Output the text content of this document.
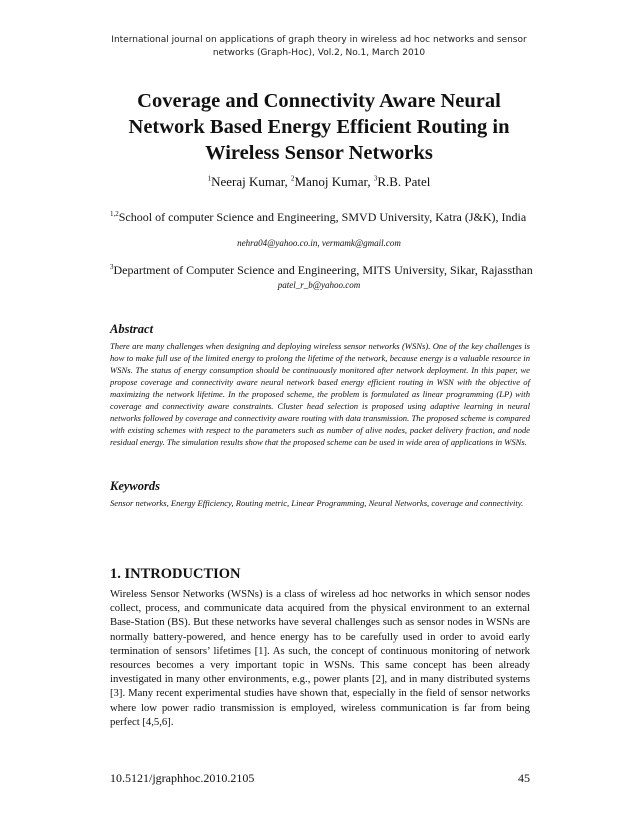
International journal on applications of graph theory in wireless ad hoc networks and sensor
networks (Graph-Hoc), Vol.2, No.1, March 2010
Coverage and Connectivity Aware Neural
Network Based Energy Efficient Routing in
Wireless Sensor Networks
$^1$Neeraj Kumar, $^2$Manoj Kumar, $^3$R.B. Patel
$^{1,2}$School of computer Science and Engineering, SMVD University, Katra (J&K), India
nehra04@yahoo.co.in, vermamk@gmail.com
$^3$Department of Computer Science and Engineering, MITS University, Sikar, Rajassthan
patel_r_b@yahoo.com
Abstract
There are many challenges when designing and deploying wireless sensor networks (WSNs). One of the key challenges is how to make full use of the limited energy to prolong the lifetime of the network, because energy is a valuable resource in WSNs. The status of energy consumption should be continuously monitored after network deployment. In this paper, we propose coverage and connectivity aware neural network based energy efficient routing in WSN with the objective of maximizing the network lifetime. In the proposed scheme, the problem is formulated as linear programming (LP) with coverage and connectivity aware constraints. Cluster head selection is proposed using adaptive learning in neural networks followed by coverage and connectivity aware routing with data transmission. The proposed scheme is compared with existing schemes with respect to the parameters such as number of alive nodes, packet delivery fraction, and node residual energy. The simulation results show that the proposed scheme can be used in wide area of applications in WSNs.
Keywords
Sensor networks, Energy Efficiency, Routing metric, Linear Programming, Neural Networks, coverage and connectivity.
1. INTRODUCTION
Wireless Sensor Networks (WSNs) is a class of wireless ad hoc networks in which sensor nodes collect, process, and communicate data acquired from the physical environment to an external Base-Station (BS). But these networks have several challenges such as sensor nodes in WSNs are normally battery-powered, and hence energy has to be carefully used in order to avoid early termination of sensors’ lifetimes [1]. As such, the concept of continuous monitoring of network resources becomes a very important topic in WSNs. This same concept has been already investigated in many other environments, e.g., power plants [2], and in many distributed systems [3]. Many recent experimental studies have shown that, especially in the field of sensor networks where low power radio transmission is employed, wireless communication is far from being perfect [4,5,6].
10.5121/jgraphhoc.2010.2105	45
